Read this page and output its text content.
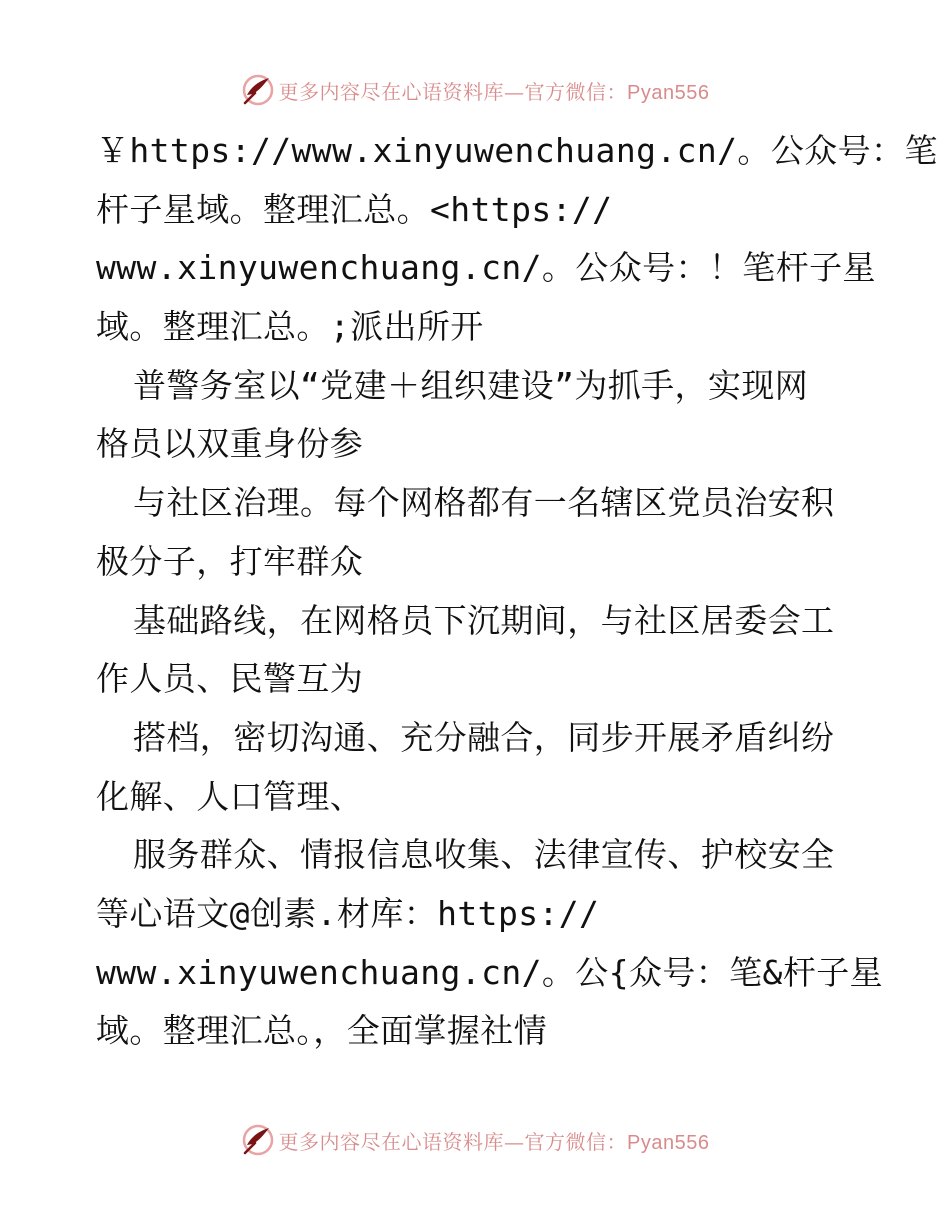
更多内容尽在心语资料库—官方微信：Pyan556
￥https://www.xinyuwenchuang.cn/。公众号：笔
杆子星域。整理汇总。<https://
www.xinyuwenchuang.cn/。公众号：！笔杆子星
域。整理汇总。;派出所开
普警务室以“党建＋组织建设”为抓手，实现网
格员以双重身份参
与社区治理。每个网格都有一名辖区党员治安积
极分子，打牢群众
基础路线，在网格员下沉期间，与社区居委会工
作人员、民警互为
搭档，密切沟通、充分融合，同步开展矛盾纠纷
化解、人口管理、
服务群众、情报信息收集、法律宣传、护校安全
等心语文@创素.材库：https://
www.xinyuwenchuang.cn/。公{众号：笔&杆子星
域。整理汇总。，全面掌握社情
更多内容尽在心语资料库—官方微信：Pyan556
